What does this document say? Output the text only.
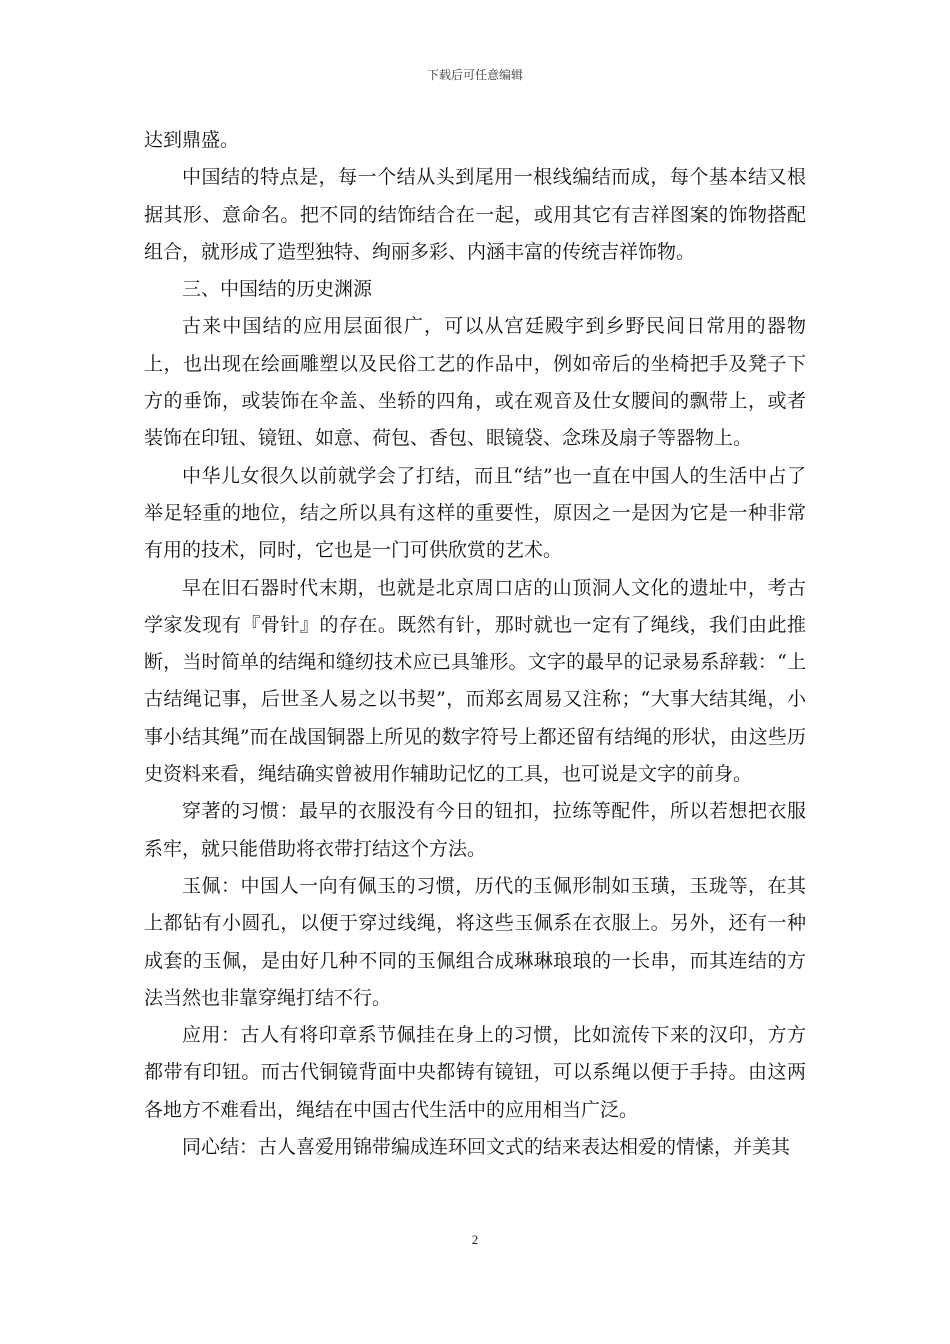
下载后可任意编辑

达到鼎盛。

中国结的特点是，每一个结从头到尾用一根线编结而成，每个基本结又根据其形、意命名。把不同的结饰结合在一起，或用其它有吉祥图案的饰物搭配组合，就形成了造型独特、绚丽多彩、内涵丰富的传统吉祥饰物。

三、中国结的历史渊源

古来中国结的应用层面很广，可以从宫廷殿宇到乡野民间日常用的器物上，也出现在绘画雕塑以及民俗工艺的作品中，例如帝后的坐椅把手及凳子下方的垂饰，或装饰在伞盖、坐轿的四角，或在观音及仕女腰间的飘带上，或者装饰在印钮、镜钮、如意、荷包、香包、眼镜袋、念珠及扇子等器物上。

中华儿女很久以前就学会了打结，而且“结”也一直在中国人的生活中占了举足轻重的地位，结之所以具有这样的重要性，原因之一是因为它是一种非常有用的技术，同时，它也是一门可供欣赏的艺术。

早在旧石器时代末期，也就是北京周口店的山顶洞人文化的遗址中，考古学家发现有『骨针』的存在。既然有针，那时就也一定有了绳线，我们由此推断，当时简单的结绳和缝纫技术应已具雏形。文字的最早的记录易系辞载：“上古结绳记事，后世圣人易之以书契”，而郑玄周易又注称；“大事大结其绳，小事小结其绳”而在战国铜器上所见的数字符号上都还留有结绳的形状，由这些历史资料来看，绳结确实曾被用作辅助记忆的工具，也可说是文字的前身。

穿著的习惯：最早的衣服没有今日的钮扣，拉练等配件，所以若想把衣服系牢，就只能借助将衣带打结这个方法。

玉佩：中国人一向有佩玉的习惯，历代的玉佩形制如玉璜，玉珑等，在其上都钻有小圆孔，以便于穿过线绳，将这些玉佩系在衣服上。另外，还有一种成套的玉佩，是由好几种不同的玉佩组合成琳琳琅琅的一长串，而其连结的方法当然也非靠穿绳打结不行。

应用：古人有将印章系节佩挂在身上的习惯，比如流传下来的汉印，方方都带有印钮。而古代铜镜背面中央都铸有镜钮，可以系绳以便于手持。由这两各地方不难看出，绳结在中国古代生活中的应用相当广泛。

同心结：古人喜爱用锦带编成连环回文式的结来表达相爱的情愫，并美其

2
